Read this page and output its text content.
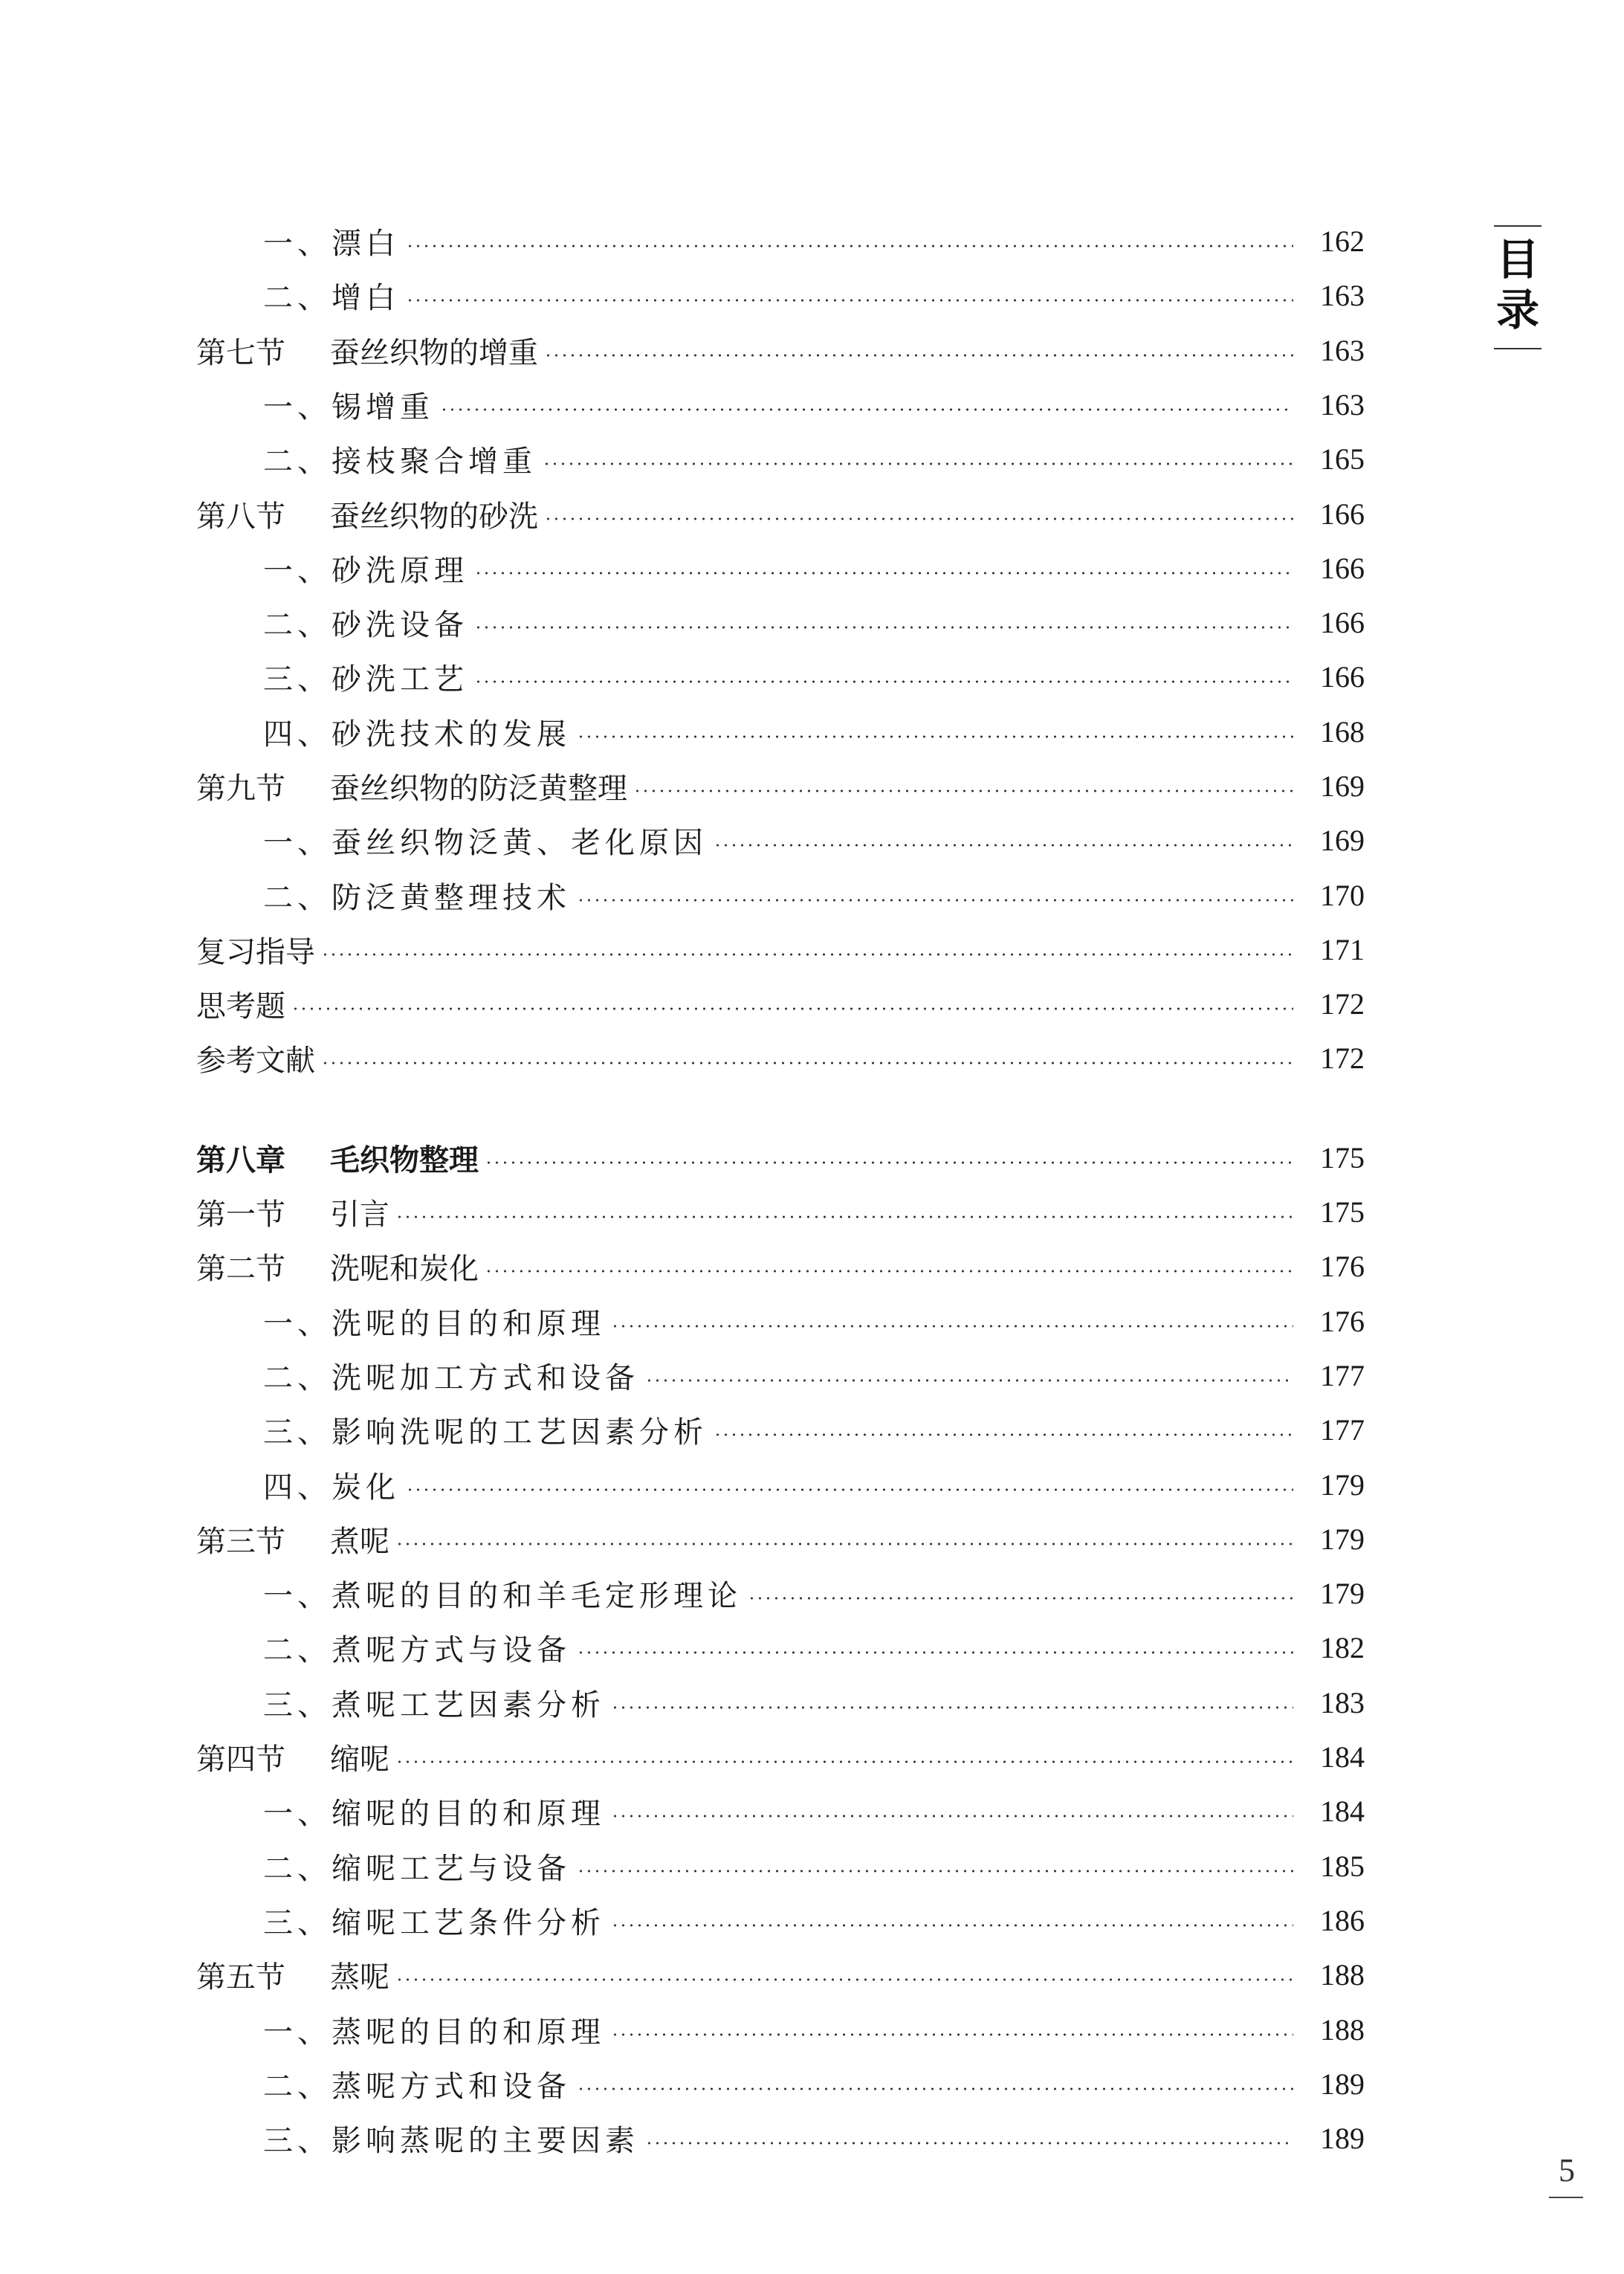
一、漂白	162
二、增白	163
第七节 蚕丝织物的增重	163
一、锡增重	163
二、接枝聚合增重	165
第八节 蚕丝织物的砂洗	166
一、砂洗原理	166
二、砂洗设备	166
三、砂洗工艺	166
四、砂洗技术的发展	168
第九节 蚕丝织物的防泛黄整理	169
一、蚕丝织物泛黄、老化原因	169
二、防泛黄整理技术	170
复习指导	171
思考题	172
参考文献	172
第八章 毛织物整理	175
第一节 引言	175
第二节 洗呢和炭化	176
一、洗呢的目的和原理	176
二、洗呢加工方式和设备	177
三、影响洗呢的工艺因素分析	177
四、炭化	179
第三节 煮呢	179
一、煮呢的目的和羊毛定形理论	179
二、煮呢方式与设备	182
三、煮呢工艺因素分析	183
第四节 缩呢	184
一、缩呢的目的和原理	184
二、缩呢工艺与设备	185
三、缩呢工艺条件分析	186
第五节 蒸呢	188
一、蒸呢的目的和原理	188
二、蒸呢方式和设备	189
三、影响蒸呢的主要因素	189
目录
5
